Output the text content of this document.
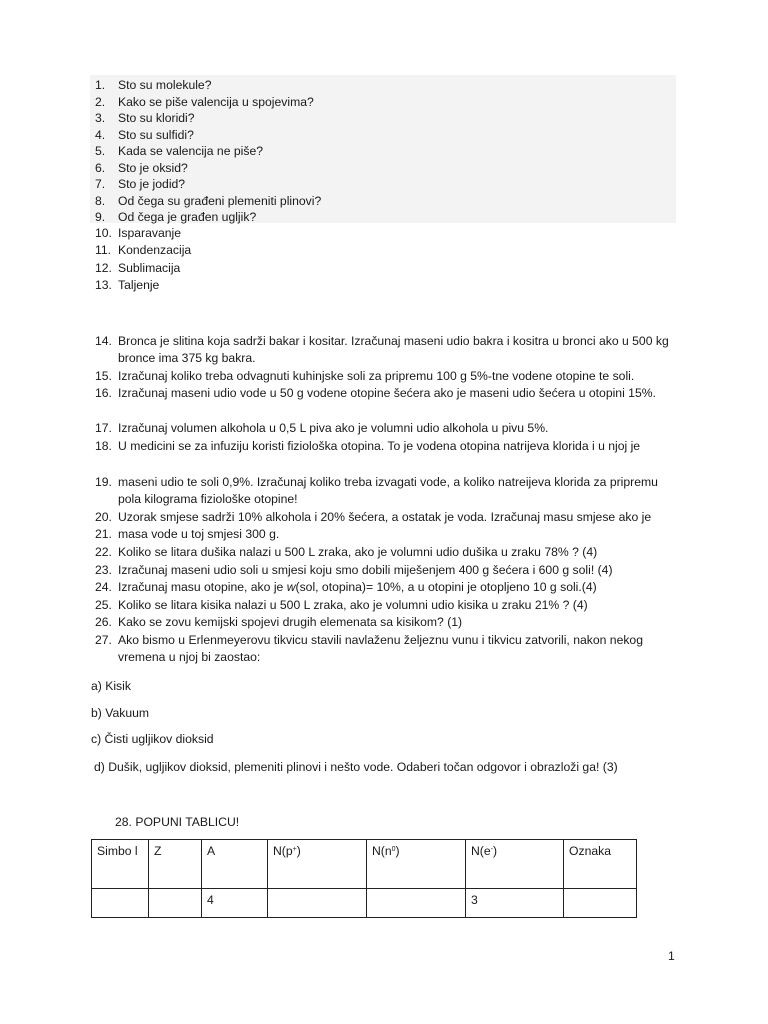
1. Sto su molekule?
2. Kako se piše valencija u spojevima?
3. Sto su kloridi?
4. Sto su sulfidi?
5. Kada se valencija ne piše?
6. Sto je oksid?
7. Sto je jodid?
8. Od čega su građeni plemeniti plinovi?
9. Od čega je građen ugljik?
10. Isparavanje
11. Kondenzacija
12. Sublimacija
13. Taljenje
14. Bronca je slitina koja sadrži bakar i kositar. Izračunaj maseni udio bakra i kositra u bronci ako u 500 kg bronce ima 375 kg bakra.
15. Izračunaj koliko treba odvagnuti kuhinjske soli za pripremu 100 g 5%-tne vodene otopine te soli.
16. Izračunaj maseni udio vode u 50 g vodene otopine šećera ako je maseni udio šećera u otopini 15%.
17. Izračunaj volumen alkohola u 0,5 L piva ako je volumni udio alkohola u pivu 5%.
18. U medicini se za infuziju koristi fiziološka otopina. To je vodena otopina natrijeva klorida i u njoj je
19. maseni udio te soli 0,9%. Izračunaj koliko treba izvagati vode, a koliko natreijeva klorida za pripremu pola kilograma fiziološke otopine!
20. Uzorak smjese sadrži 10% alkohola i 20% šećera, a ostatak je voda. Izračunaj masu smjese ako je
21. masa vode u toj smjesi 300 g.
22. Koliko se litara dušika nalazi u 500 L zraka, ako je volumni udio dušika u zraku 78% ? (4)
23. Izračunaj maseni udio soli u smjesi koju smo dobili miješenjem 400 g šećera i 600 g soli! (4)
24. Izračunaj masu otopine, ako je w(sol, otopina)= 10%, a u otopini je otopljeno 10 g soli.(4)
25. Koliko se litara kisika nalazi u 500 L zraka, ako je volumni udio kisika u zraku 21% ? (4)
26. Kako se zovu kemijski spojevi drugih elemenata sa kisikom? (1)
27. Ako bismo u Erlenmeyerovu tikvicu stavili navlaženu željeznu vunu i tikvicu zatvorili, nakon nekog vremena u njoj bi zaostao:
a) Kisik
b) Vakuum
c) Čisti ugljikov dioksid
d) Dušik, ugljikov dioksid, plemeniti plinovi i nešto vode. Odaberi točan odgovor i obrazloži ga! (3)
28. POPUNI TABLICU!
Simbo l	Z	A	N(p+)	$N(n^0)$	N(e-)	Oznaka
		4			3	
1
